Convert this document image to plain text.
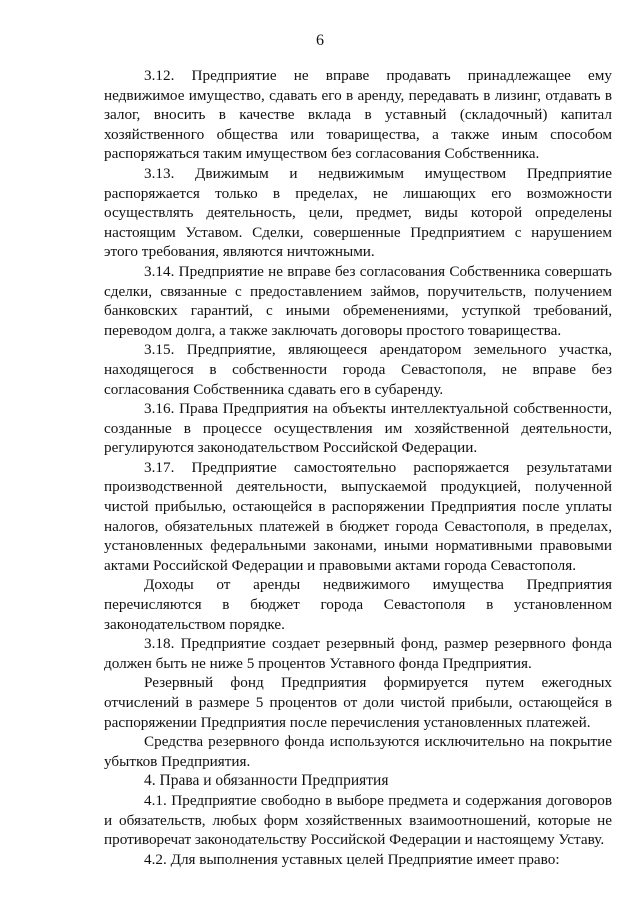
6

3.12. Предприятие не вправе продавать принадлежащее ему недвижимое имущество, сдавать его в аренду, передавать в лизинг, отдавать в залог, вносить в качестве вклада в уставный (складочный) капитал хозяйственного общества или товарищества, а также иным способом распоряжаться таким имуществом без согласования Собственника.

3.13. Движимым и недвижимым имуществом Предприятие распоряжается только в пределах, не лишающих его возможности осуществлять деятельность, цели, предмет, виды которой определены настоящим Уставом. Сделки, совершенные Предприятием с нарушением этого требования, являются ничтожными.

3.14. Предприятие не вправе без согласования Собственника совершать сделки, связанные с предоставлением займов, поручительств, получением банковских гарантий, с иными обременениями, уступкой требований, переводом долга, а также заключать договоры простого товарищества.

3.15. Предприятие, являющееся арендатором земельного участка, находящегося в собственности города Севастополя, не вправе без согласования Собственника сдавать его в субаренду.

3.16. Права Предприятия на объекты интеллектуальной собственности, созданные в процессе осуществления им хозяйственной деятельности, регулируются законодательством Российской Федерации.

3.17. Предприятие самостоятельно распоряжается результатами производственной деятельности, выпускаемой продукцией, полученной чистой прибылью, остающейся в распоряжении Предприятия после уплаты налогов, обязательных платежей в бюджет города Севастополя, в пределах, установленных федеральными законами, иными нормативными правовыми актами Российской Федерации и правовыми актами города Севастополя.

Доходы от аренды недвижимого имущества Предприятия перечисляются в бюджет города Севастополя в установленном законодательством порядке.

3.18. Предприятие создает резервный фонд, размер резервного фонда должен быть не ниже 5 процентов Уставного фонда Предприятия.

Резервный фонд Предприятия формируется путем ежегодных отчислений в размере 5 процентов от доли чистой прибыли, остающейся в распоряжении Предприятия после перечисления установленных платежей.

Средства резервного фонда используются исключительно на покрытие убытков Предприятия.

4. Права и обязанности Предприятия

4.1. Предприятие свободно в выборе предмета и содержания договоров и обязательств, любых форм хозяйственных взаимоотношений, которые не противоречат законодательству Российской Федерации и настоящему Уставу.

4.2. Для выполнения уставных целей Предприятие имеет право:
